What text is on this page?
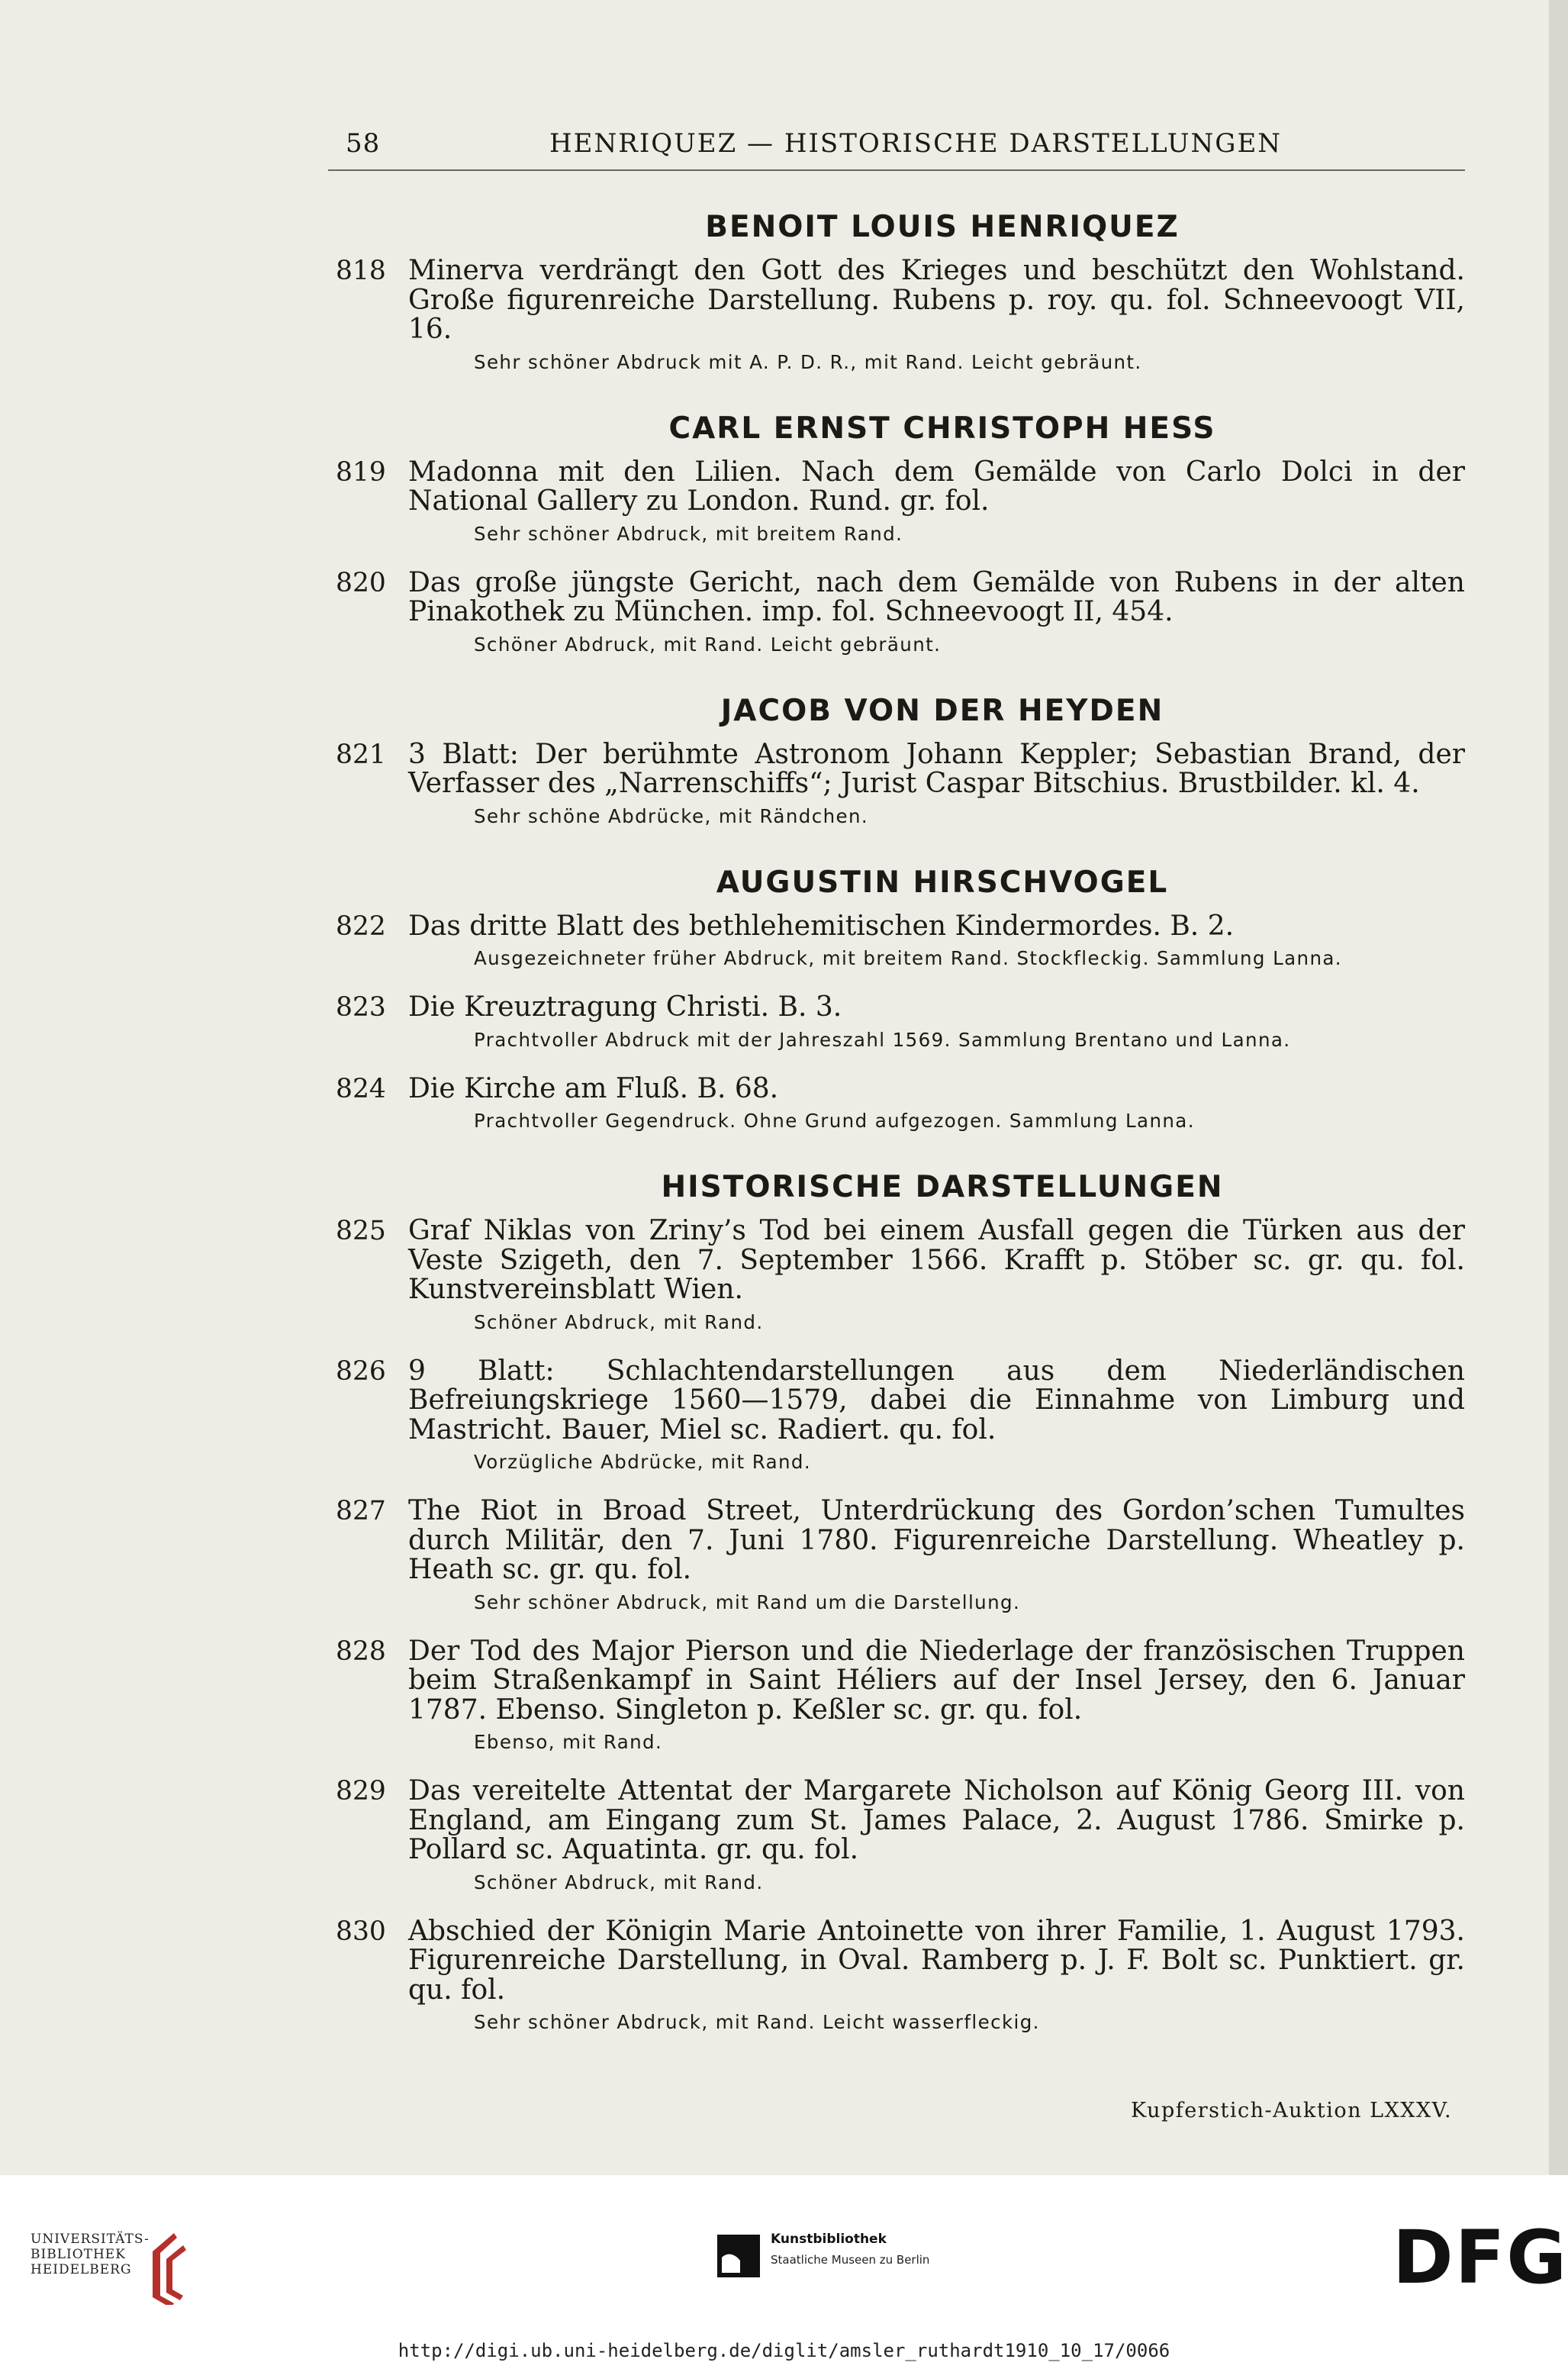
58	HENRIQUEZ — HISTORISCHE DARSTELLUNGEN
BENOIT LOUIS HENRIQUEZ
818 Minerva verdrängt den Gott des Krieges und beschützt den Wohlstand. Große figurenreiche Darstellung. Rubens p. roy. qu. fol. Schneevoogt VII, 16.

Sehr schöner Abdruck mit A. P. D. R., mit Rand. Leicht gebräunt.

CARL ERNST CHRISTOPH HESS
819 Madonna mit den Lilien. Nach dem Gemälde von Carlo Dolci in der National Gallery zu London. Rund. gr. fol.

Sehr schöner Abdruck, mit breitem Rand.

820 Das große jüngste Gericht, nach dem Gemälde von Rubens in der alten Pinakothek zu München. imp. fol. Schneevoogt II, 454.

Schöner Abdruck, mit Rand. Leicht gebräunt.

JACOB VON DER HEYDEN
821 3 Blatt: Der berühmte Astronom Johann Keppler; Sebastian Brand, der Verfasser des „Narrenschiffs“; Jurist Caspar Bitschius. Brustbilder. kl. 4.

Sehr schöne Abdrücke, mit Rändchen.

AUGUSTIN HIRSCHVOGEL
822 Das dritte Blatt des bethlehemitischen Kindermordes. B. 2.

Ausgezeichneter früher Abdruck, mit breitem Rand. Stockfleckig. Sammlung Lanna.

823 Die Kreuztragung Christi. B. 3.

Prachtvoller Abdruck mit der Jahreszahl 1569. Sammlung Brentano und Lanna.

824 Die Kirche am Fluß. B. 68.

Prachtvoller Gegendruck. Ohne Grund aufgezogen. Sammlung Lanna.

HISTORISCHE DARSTELLUNGEN
825 Graf Niklas von Zriny’s Tod bei einem Ausfall gegen die Türken aus der Veste Szigeth, den 7. September 1566. Krafft p. Stöber sc. gr. qu. fol. Kunstvereinsblatt Wien.

Schöner Abdruck, mit Rand.

826 9 Blatt: Schlachtendarstellungen aus dem Niederländischen Befreiungskriege 1560—1579, dabei die Einnahme von Limburg und Mastricht. Bauer, Miel sc. Radiert. qu. fol.

Vorzügliche Abdrücke, mit Rand.

827 The Riot in Broad Street, Unterdrückung des Gordon’schen Tumultes durch Militär, den 7. Juni 1780. Figurenreiche Darstellung. Wheatley p. Heath sc. gr. qu. fol.

Sehr schöner Abdruck, mit Rand um die Darstellung.

828 Der Tod des Major Pierson und die Niederlage der französischen Truppen beim Straßenkampf in Saint Héliers auf der Insel Jersey, den 6. Januar 1787. Ebenso. Singleton p. Keßler sc. gr. qu. fol.

Ebenso, mit Rand.

829 Das vereitelte Attentat der Margarete Nicholson auf König Georg III. von England, am Eingang zum St. James Palace, 2. August 1786. Smirke p. Pollard sc. Aquatinta. gr. qu. fol.

Schöner Abdruck, mit Rand.

830 Abschied der Königin Marie Antoinette von ihrer Familie, 1. August 1793. Figurenreiche Darstellung, in Oval. Ramberg p. J. F. Bolt sc. Punktiert. gr. qu. fol.

Sehr schöner Abdruck, mit Rand. Leicht wasserfleckig.

Kupferstich-Auktion LXXXV.
UNIVERSITÄTS-
BIBLIOTHEK
HEIDELBERG
Kunstbibliothek
Staatliche Museen zu Berlin	DFG
http://digi.ub.uni-heidelberg.de/diglit/amsler_ruthardt1910_10_17/0066
